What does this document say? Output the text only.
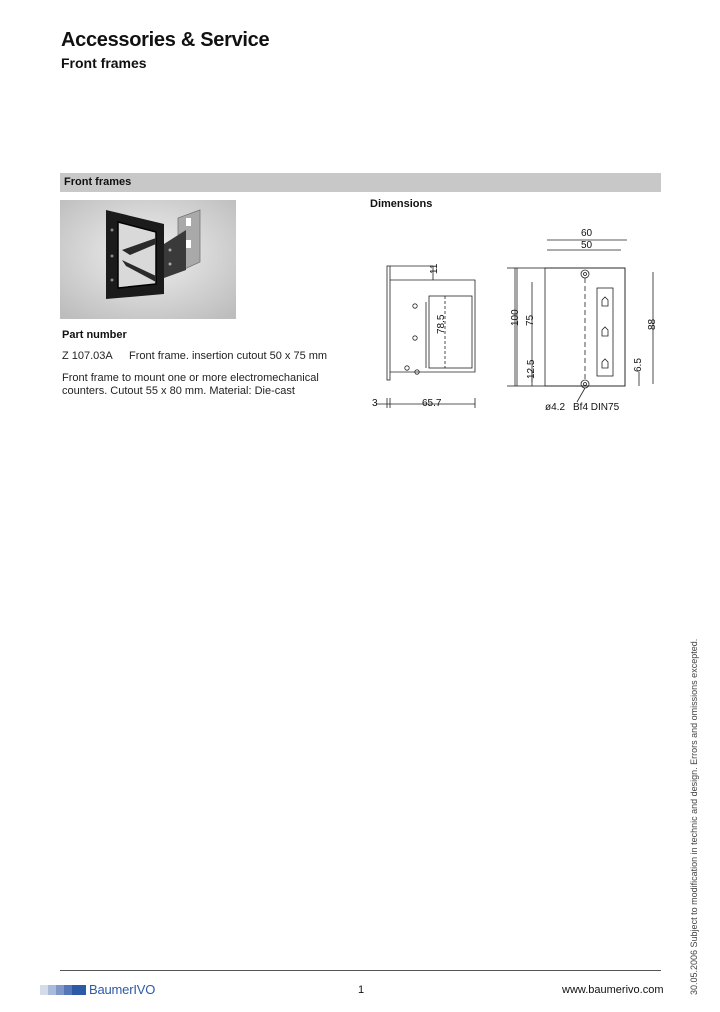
Accessories & Service
Front frames
Front frames
Part number
Z 107.03A Front frame. insertion cutout 50 x 75 mm
Front frame to mount one or more electromechanical counters. Cutout 55 x 80 mm. Material: Die-cast
Dimensions
11
78.5
3	65.7
60
50
100 75
12.5
88
6.5
ø4.2 Bf4 DIN75
BaumerIVO	1	www.baumerivo.com	30.05.2006 Subject to modification in technic and design. Errors and omissions excepted.
